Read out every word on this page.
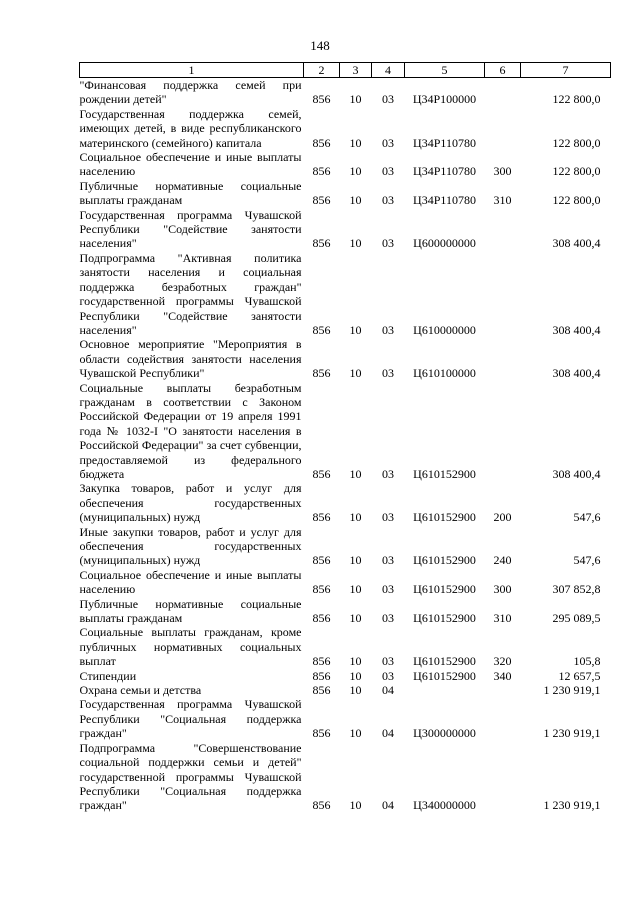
148
1	2	3	4	5	6	7
"Финансовая поддержка семей при рождении детей"	856	10	03	Ц34Р100000		122 800,0
Государственная поддержка семей, имеющих детей, в виде республиканского материнского (семейного) капитала	856	10	03	Ц34Р110780		122 800,0
Социальное обеспечение и иные выплаты населению	856	10	03	Ц34Р110780	300	122 800,0
Публичные нормативные социальные выплаты гражданам	856	10	03	Ц34Р110780	310	122 800,0
Государственная программа Чувашской Республики "Содействие занятости населения"	856	10	03	Ц600000000		308 400,4
Подпрограмма "Активная политика занятости населения и социальная поддержка безработных граждан" государственной программы Чувашской Республики "Содействие занятости населения"	856	10	03	Ц610000000		308 400,4
Основное мероприятие "Мероприятия в области содействия занятости населения Чувашской Республики"	856	10	03	Ц610100000		308 400,4
Социальные выплаты безработным гражданам в соответствии с Законом Российской Федерации от 19 апреля 1991 года № 1032-I "О занятости населения в Российской Федерации" за счет субвенции, предоставляемой из федерального бюджета	856	10	03	Ц610152900		308 400,4
Закупка товаров, работ и услуг для обеспечения государственных (муниципальных) нужд	856	10	03	Ц610152900	200	547,6
Иные закупки товаров, работ и услуг для обеспечения государственных (муниципальных) нужд	856	10	03	Ц610152900	240	547,6
Социальное обеспечение и иные выплаты населению	856	10	03	Ц610152900	300	307 852,8
Публичные нормативные социальные выплаты гражданам	856	10	03	Ц610152900	310	295 089,5
Социальные выплаты гражданам, кроме публичных нормативных социальных выплат	856	10	03	Ц610152900	320	105,8
Стипендии	856	10	03	Ц610152900	340	12 657,5
Охрана семьи и детства	856	10	04			1 230 919,1
Государственная программа Чувашской Республики "Социальная поддержка граждан"	856	10	04	Ц300000000		1 230 919,1
Подпрограмма "Совершенствование социальной поддержки семьи и детей" государственной программы Чувашской Республики "Социальная поддержка граждан"	856	10	04	Ц340000000		1 230 919,1
